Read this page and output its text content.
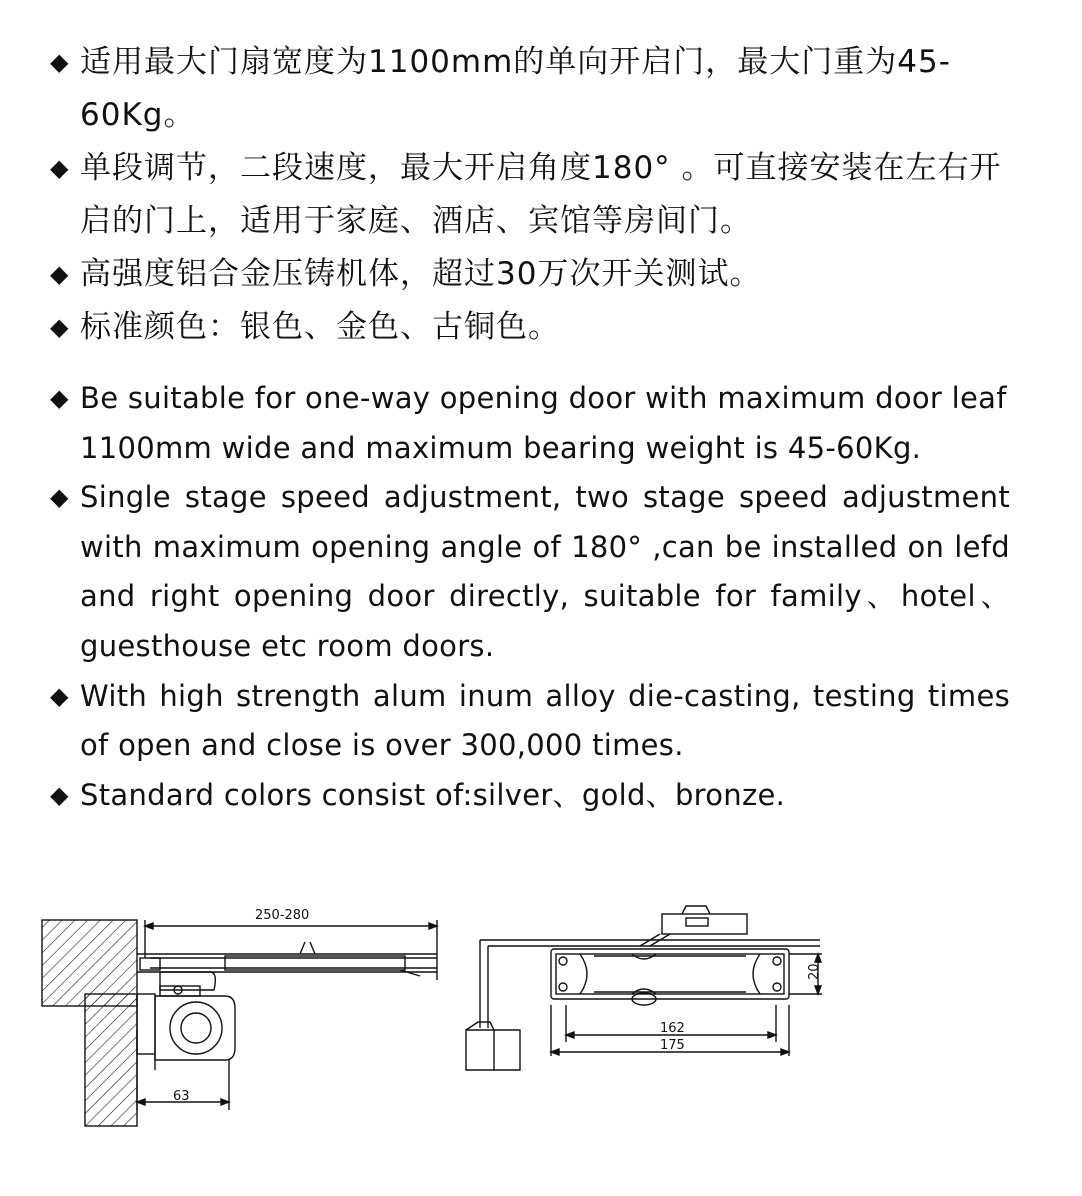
◆ 适用最大门扇宽度为1100mm的单向开启门，最大门重为45-60Kg。
◆ 单段调节，二段速度，最大开启角度180° 。可直接安装在左右开启的门上，适用于家庭、酒店、宾馆等房间门。
◆ 高强度铝合金压铸机体，超过30万次开关测试。
◆ 标准颜色：银色、金色、古铜色。
◆ Be suitable for one-way opening door with maximum door leaf 1100mm wide and maximum bearing weight is 45-60Kg.
◆ Single stage speed adjustment, two stage speed adjustment with maximum opening angle of 180° ,can be installed on lefd and right opening door directly, suitable for family、hotel、guesthouse etc room doors.
◆ With high strength alum inum alloy die-casting, testing times of open and close is over 300,000 times.
◆ Standard colors consist of:silver、gold、bronze.
250-280
63
20
162
175
